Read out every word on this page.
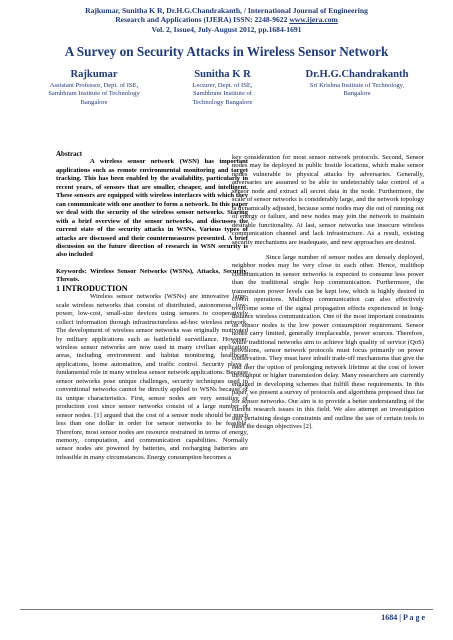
Rajkumar, Sunitha K R, Dr.H.G.Chandrakanth, / International Journal of Engineering
Research and Applications (IJERA) ISSN: 2248-9622 www.ijera.com
Vol. 2, Issue4, July-August 2012, pp.1684-1691
A Survey on Security Attacks in Wireless Sensor Network
Rajkumar
Assistant Professor, Dept. of ISE,
Sambhram Institute of Technology
Bangalore
Sunitha K R
Lecturer, Dept. of ISE,
Sambhram Institute of
Technology Bangalore
Dr.H.G.Chandrakanth
Sri Krishna Institute of Technology,
Bangalore

Abstract

A wireless sensor network (WSN) has important applications such as remote environmental monitoring and target tracking. This has been enabled by the availability, particularly in recent years, of sensors that are smaller, cheaper, and intelligent. These sensors are equipped with wireless interfaces with which they can communicate with one another to form a network. In this paper we deal with the security of the wireless sensor networks. Staring with a brief overview of the sensor networks, and discusses the current state of the security attacks in WSNs. Various types of attacks are discussed and their countermeasures presented. A brief discussion on the future direction of research in WSN security is also included

Keywords: Wireless Sensor Networks (WSNs), Attacks, Security, Threats.

1 INTRODUCTION

Wireless sensor networks (WSNs) are innovative large-scale wireless networks that consist of distributed, autonomous, low-power, low-cost, small-size devices using sensors to cooperatively collect information through infrastructureless ad-hoc wireless network. The development of wireless sensor networks was originally motivated by military applications such as battlefield surveillance. However, wireless sensor networks are now used in many civilian application areas, including environment and habitat monitoring, healthcare applications, home automation, and traffic control. Security plays a fundamental role in many wireless sensor network applications. Because sensor networks pose unique challenges, security techniques used in conventional networks cannot be directly applied to WSNs because of its unique characteristics. First, sensor nodes are very sensitive of production cost since sensor networks consist of a large number of sensor nodes. [1] argued that the cost of a sensor node should be much less than one dollar in order for sensor networks to be feasible. Therefore, most sensor nodes are resource restrained in terms of energy, memory, computation, and communication capabilities. Normally sensor nodes are powered by batteries, and recharging batteries are infeasible in many circumstances. Energy consumption becomes a

key consideration for most sensor network protocols. Second, Sensor nodes may be deployed in public hostile locations, which make sensor nodes vulnerable to physical attacks by adversaries. Generally, adversaries are assumed to be able to undetectably take control of a sensor node and extract all secret data in the node. Furthermore, the scale of sensor networks is considerably large, and the network topology is dynamically adjusted, because some nodes may die out of running out of energy or failure, and new nodes may join the network to maintain desirable functionality. At last, sensor networks use insecure wireless communication channel and lack infrastructure. As a result, existing security mechanisms are inadequate, and new approaches are desired.

Since large number of sensor nodes are densely deployed, neighbor nodes may be very close to each other. Hence, multihop communication in sensor networks is expected to consume less power than the traditional single hop communication. Furthermore, the transmission power levels can be kept low, which is highly desired in covert operations. Multihop communication can also effectively overcome some of the signal propagation effects experienced in long-distance wireless communication. One of the most important constraints on sensor nodes is the low power consumption requirement. Sensor nodes carry limited, generally irreplaceable, power sources. Therefore, while traditional networks aim to achieve high quality of service (QoS) provisions, sensor network protocols must focus primarily on power conservation. They must have inbuilt trade-off mechanisms that give the end user the option of prolonging network lifetime at the cost of lower throughput or higher transmission delay. Many researchers are currently engaged in developing schemes that fulfill these requirements. In this paper, we present a survey of protocols and algorithms proposed thus far for sensor networks. Our aim is to provide a better understanding of the current research issues in this field. We also attempt an investigation into pertaining design constraints and outline the use of certain tools to meet the design objectives [2].

1684 | P a g e
